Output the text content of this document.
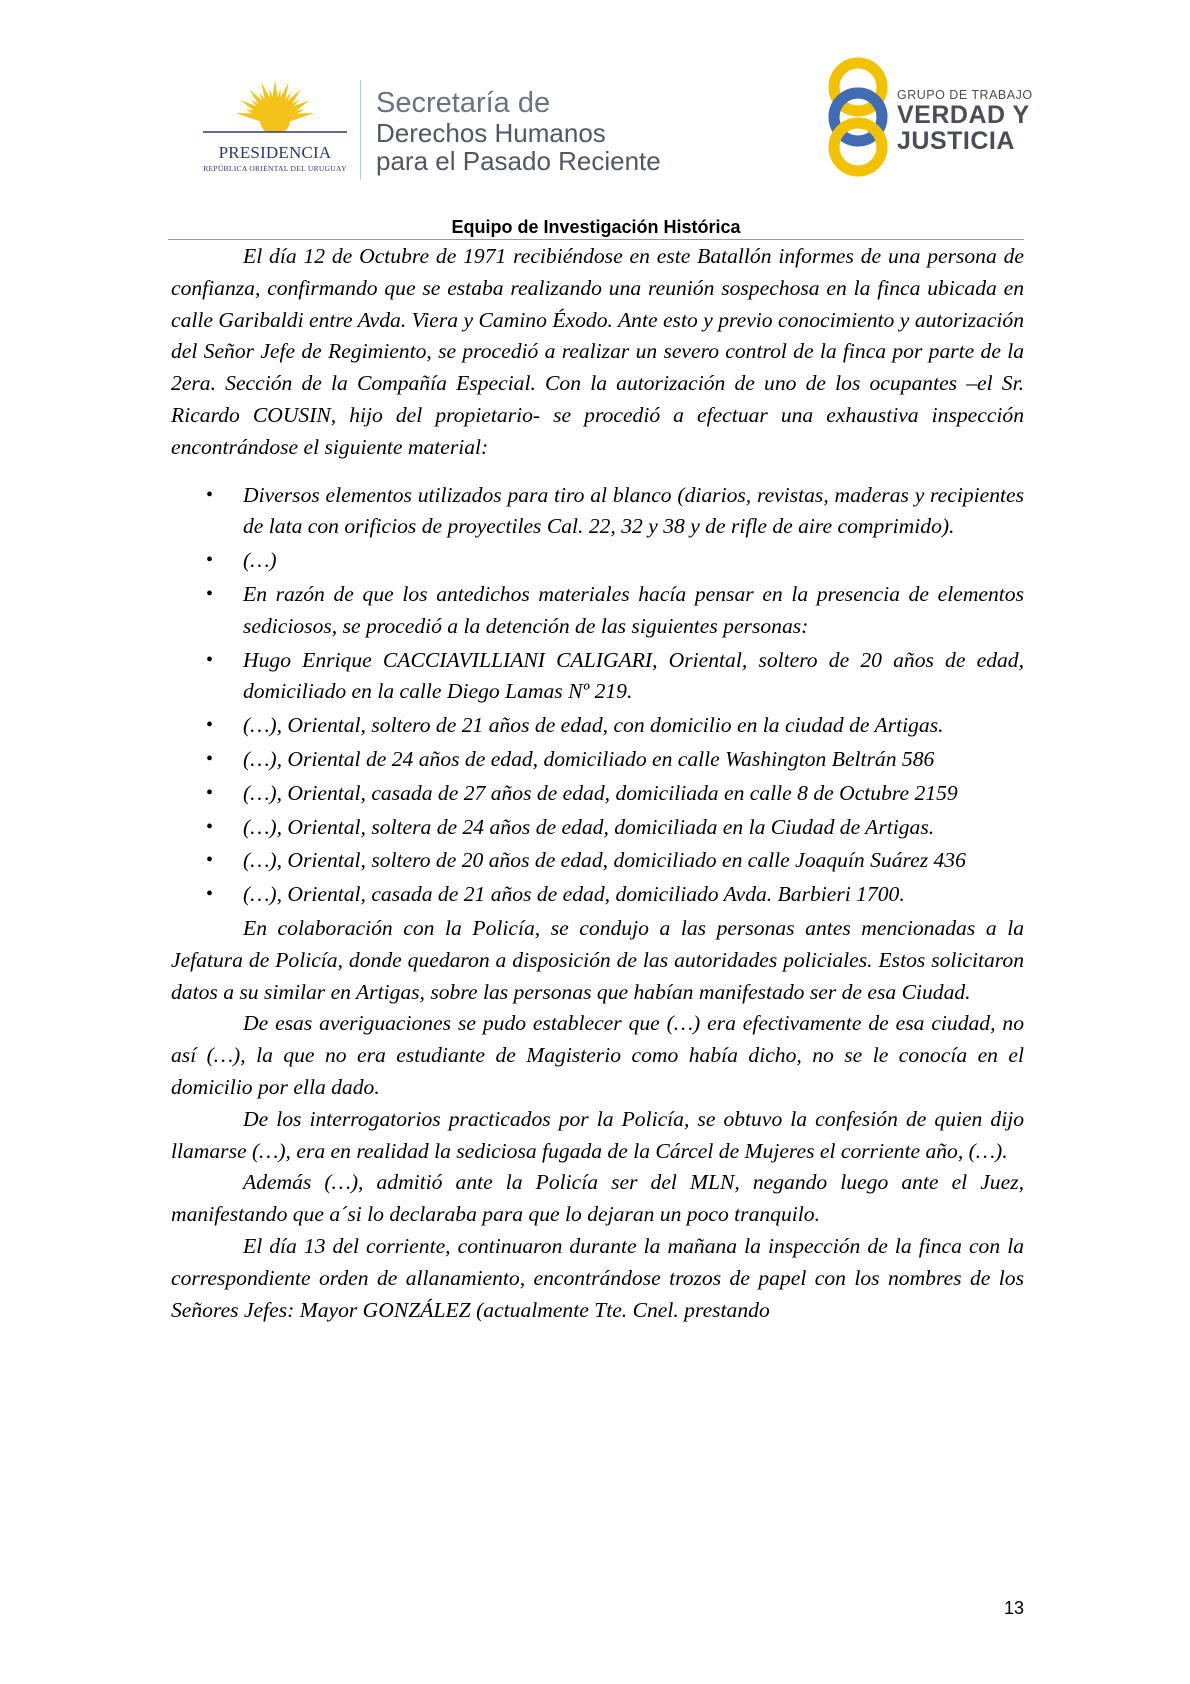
PRESIDENCIA
REPÚBLICA ORIENTAL DEL URUGUAY
Secretaría de
Derechos Humanos
para el Pasado Reciente
GRUPO DE TRABAJO
VERDAD Y
JUSTICIA
Equipo de Investigación Histórica

El día 12 de Octubre de 1971 recibiéndose en este Batallón informes de una persona de confianza, confirmando que se estaba realizando una reunión sospechosa en la finca ubicada en calle Garibaldi entre Avda. Viera y Camino Éxodo. Ante esto y previo conocimiento y autorización del Señor Jefe de Regimiento, se procedió a realizar un severo control de la finca por parte de la 2era. Sección de la Compañía Especial. Con la autorización de uno de los ocupantes –el Sr. Ricardo COUSIN, hijo del propietario- se procedió a efectuar una exhaustiva inspección encontrándose el siguiente material:

• Diversos elementos utilizados para tiro al blanco (diarios, revistas, maderas y recipientes de lata con orificios de proyectiles Cal. 22, 32 y 38 y de rifle de aire comprimido).
• (…)
• En razón de que los antedichos materiales hacía pensar en la presencia de elementos sediciosos, se procedió a la detención de las siguientes personas:
• Hugo Enrique CACCIAVILLIANI CALIGARI, Oriental, soltero de 20 años de edad, domiciliado en la calle Diego Lamas Nº 219.
• (…), Oriental, soltero de 21 años de edad, con domicilio en la ciudad de Artigas.
• (…), Oriental de 24 años de edad, domiciliado en calle Washington Beltrán 586
• (…), Oriental, casada de 27 años de edad, domiciliada en calle 8 de Octubre 2159
• (…), Oriental, soltera de 24 años de edad, domiciliada en la Ciudad de Artigas.
• (…), Oriental, soltero de 20 años de edad, domiciliado en calle Joaquín Suárez 436
• (…), Oriental, casada de 21 años de edad, domiciliado Avda. Barbieri 1700.

En colaboración con la Policía, se condujo a las personas antes mencionadas a la Jefatura de Policía, donde quedaron a disposición de las autoridades policiales. Estos solicitaron datos a su similar en Artigas, sobre las personas que habían manifestado ser de esa Ciudad.

De esas averiguaciones se pudo establecer que (…) era efectivamente de esa ciudad, no así (…), la que no era estudiante de Magisterio como había dicho, no se le conocía en el domicilio por ella dado.

De los interrogatorios practicados por la Policía, se obtuvo la confesión de quien dijo llamarse (…), era en realidad la sediciosa fugada de la Cárcel de Mujeres el corriente año, (…).

Además (…), admitió ante la Policía ser del MLN, negando luego ante el Juez, manifestando que a´si lo declaraba para que lo dejaran un poco tranquilo.

El día 13 del corriente, continuaron durante la mañana la inspección de la finca con la correspondiente orden de allanamiento, encontrándose trozos de papel con los nombres de los Señores Jefes: Mayor GONZÁLEZ (actualmente Tte. Cnel. prestando

13
